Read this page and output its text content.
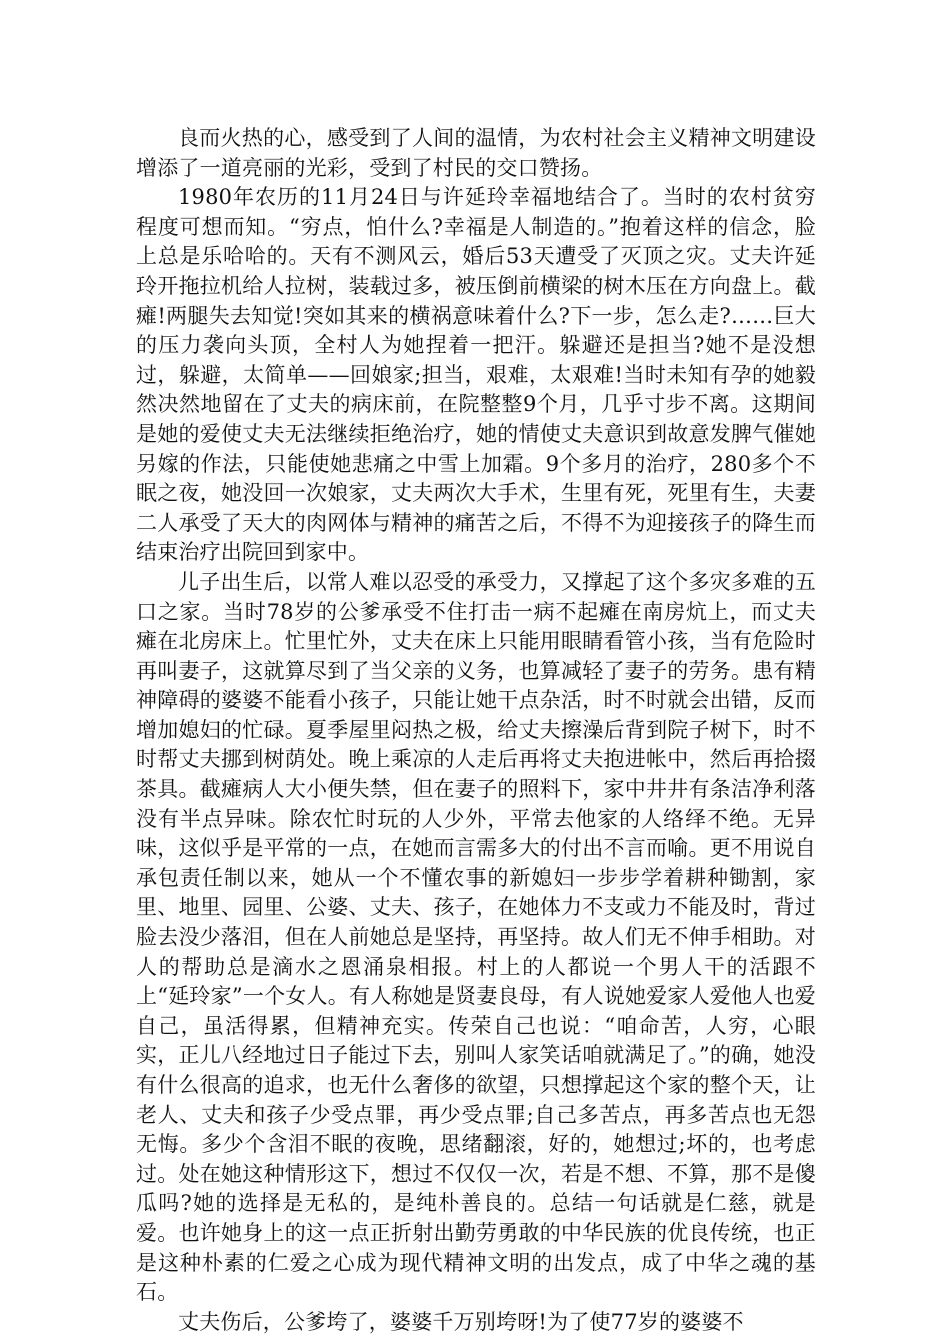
良而火热的心，感受到了人间的温情，为农村社会主义精神文明建设增添了一道亮丽的光彩，受到了村民的交口赞扬。

1980年农历的11月24日与许延玲幸福地结合了。当时的农村贫穷程度可想而知。“穷点，怕什么?幸福是人制造的。”抱着这样的信念，脸上总是乐哈哈的。天有不测风云，婚后53天遭受了灭顶之灾。丈夫许延玲开拖拉机给人拉树，装载过多，被压倒前横梁的树木压在方向盘上。截瘫!两腿失去知觉!突如其来的横祸意味着什么?下一步，怎么走?……巨大的压力袭向头顶，全村人为她捏着一把汗。躲避还是担当?她不是没想过，躲避，太简单——回娘家;担当，艰难，太艰难!当时未知有孕的她毅然决然地留在了丈夫的病床前，在院整整9个月，几乎寸步不离。这期间是她的爱使丈夫无法继续拒绝治疗，她的情使丈夫意识到故意发脾气催她另嫁的作法，只能使她悲痛之中雪上加霜。9个多月的治疗，280多个不眠之夜，她没回一次娘家，丈夫两次大手术，生里有死，死里有生，夫妻二人承受了天大的肉网体与精神的痛苦之后，不得不为迎接孩子的降生而结束治疗出院回到家中。

儿子出生后，以常人难以忍受的承受力，又撑起了这个多灾多难的五口之家。当时78岁的公爹承受不住打击一病不起瘫在南房炕上，而丈夫瘫在北房床上。忙里忙外，丈夫在床上只能用眼睛看管小孩，当有危险时再叫妻子，这就算尽到了当父亲的义务，也算减轻了妻子的劳务。患有精神障碍的婆婆不能看小孩子，只能让她干点杂活，时不时就会出错，反而增加媳妇的忙碌。夏季屋里闷热之极，给丈夫擦澡后背到院子树下，时不时帮丈夫挪到树荫处。晚上乘凉的人走后再将丈夫抱进帐中，然后再拾掇茶具。截瘫病人大小便失禁，但在妻子的照料下，家中井井有条洁净利落没有半点异味。除农忙时玩的人少外，平常去他家的人络绎不绝。无异味，这似乎是平常的一点，在她而言需多大的付出不言而喻。更不用说自承包责任制以来，她从一个不懂农事的新媳妇一步步学着耕种锄割，家里、地里、园里、公婆、丈夫、孩子，在她体力不支或力不能及时，背过脸去没少落泪，但在人前她总是坚持，再坚持。故人们无不伸手相助。对人的帮助总是滴水之恩涌泉相报。村上的人都说一个男人干的活跟不上“延玲家”一个女人。有人称她是贤妻良母，有人说她爱家人爱他人也爱自己，虽活得累，但精神充实。传荣自己也说：“咱命苦，人穷，心眼实，正儿八经地过日子能过下去，别叫人家笑话咱就满足了。”的确，她没有什么很高的追求，也无什么奢侈的欲望，只想撑起这个家的整个天，让老人、丈夫和孩子少受点罪，再少受点罪;自己多苦点，再多苦点也无怨无悔。多少个含泪不眠的夜晚，思绪翻滚，好的，她想过;坏的，也考虑过。处在她这种情形这下，想过不仅仅一次，若是不想、不算，那不是傻瓜吗?她的选择是无私的，是纯朴善良的。总结一句话就是仁慈，就是爱。也许她身上的这一点正折射出勤劳勇敢的中华民族的优良传统，也正是这种朴素的仁爱之心成为现代精神文明的出发点，成了中华之魂的基石。

丈夫伤后，公爹垮了，婆婆千万别垮呀!为了使77岁的婆婆不
